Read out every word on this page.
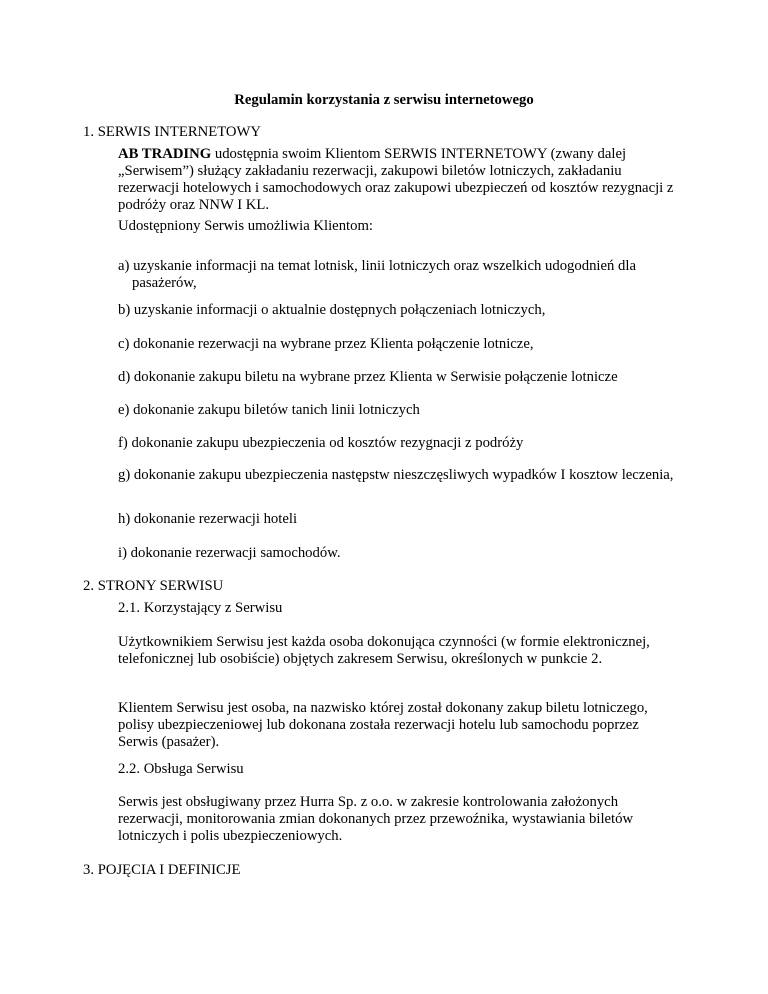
Regulamin korzystania z serwisu internetowego
1. SERWIS INTERNETOWY

AB TRADING udostępnia swoim Klientom SERWIS INTERNETOWY (zwany dalej „Serwisem”) służący zakładaniu rezerwacji, zakupowi biletów lotniczych, zakładaniu rezerwacji hotelowych i samochodowych oraz zakupowi ubezpieczeń od kosztów rezygnacji z podróży oraz NNW I KL.

Udostępniony Serwis umożliwia Klientom:
a) uzyskanie informacji na temat lotnisk, linii lotniczych oraz wszelkich udogodnień dla pasażerów,
b) uzyskanie informacji o aktualnie dostępnych połączeniach lotniczych,
c) dokonanie rezerwacji na wybrane przez Klienta połączenie lotnicze,
d) dokonanie zakupu biletu na wybrane przez Klienta w Serwisie połączenie lotnicze
e) dokonanie zakupu biletów tanich linii lotniczych
f) dokonanie zakupu ubezpieczenia od kosztów rezygnacji z podróży
g) dokonanie zakupu ubezpieczenia następstw nieszczęsliwych wypadków I kosztow leczenia,
h) dokonanie rezerwacji hoteli
i) dokonanie rezerwacji samochodów.
2. STRONY SERWISU
2.1. Korzystający z Serwisu
Użytkownikiem Serwisu jest każda osoba dokonująca czynności (w formie elektronicznej, telefonicznej lub osobiście) objętych zakresem Serwisu, określonych w punkcie 2.
Klientem Serwisu jest osoba, na nazwisko której został dokonany zakup biletu lotniczego, polisy ubezpieczeniowej lub dokonana została rezerwacji hotelu lub samochodu poprzez Serwis (pasażer).
2.2. Obsługa Serwisu
Serwis jest obsługiwany przez Hurra Sp. z o.o. w zakresie kontrolowania założonych rezerwacji, monitorowania zmian dokonanych przez przewoźnika, wystawiania biletów lotniczych i polis ubezpieczeniowych.
3. POJĘCIA I DEFINICJE
